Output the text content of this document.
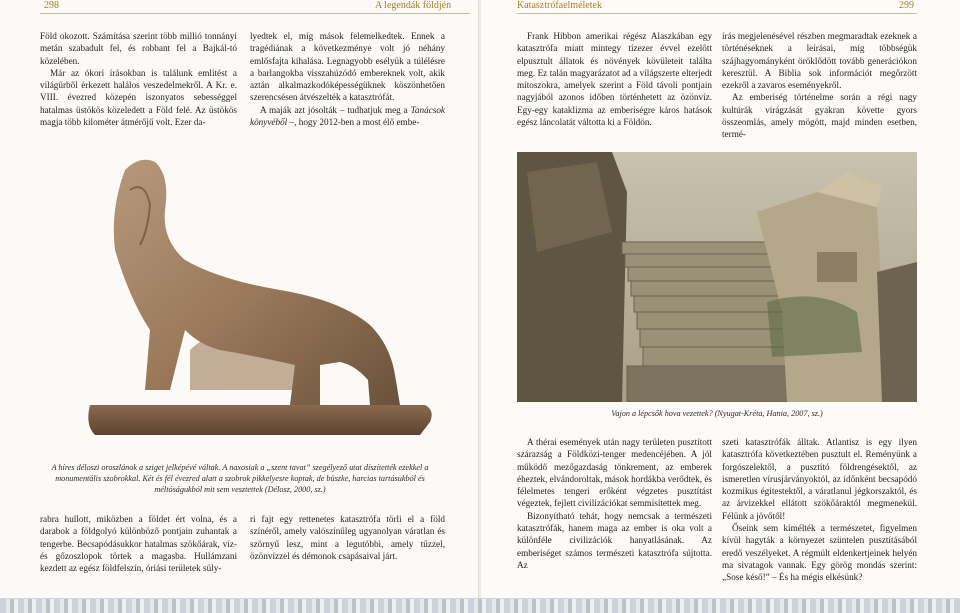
298	A legendák földjén

Föld okozott. Számítása szerint több millió tonnányi metán szabadult fel, és robbant fel a Bajkál-tó közelében.

Már az ókori írásokban is találunk említést a világűrből érkezett halálos veszedelmekről. A Kr. e. VIII. évezred közepén iszonyatos sebességgel hatalmas üstökös közeledett a Föld felé. Az üstökös magja több kilométer átmérőjű volt. Ezer da-

lyedtek el, míg mások felemelkedtek. Ennek a tragédiának a következménye volt jó néhány emlősfajta kihalása. Legnagyobb esélyük a túlélésre a barlangokba visszahúzódó embereknek volt, akik aztán alkalmazkodóképességüknek köszönhetően szerencsésen átvészelték a katasztrófát.

A maják azt jósolták – tudhatjuk meg a Tanácsok könyvéből –, hogy 2012-ben a most élő embe-

A híres déloszi oroszlánok a sziget jelképévé váltak. A naxosiak a „szent tavat” szegélyező utat díszítették ezekkel a monumentális szobrokkal. Két és fél évezred alatt a szobrok pikkelyesre koptak, de büszke, harcias tartásukból és méltóságukból mit sem vesztettek (Délosz, 2000, sz.)

rabra hullott, miközben a földet ért volna, és a darabok a földgolyó különböző pontjain zuhantak a tengerbe. Becsapódásukkor hatalmas szökőárak, víz- és gőzoszlopok törtek a magasba. Hullámzani kezdett az egész földfelszín, óriási területek süly-

ri fajt egy rettenetes katasztrófa törli el a föld színéről, amely valószínűleg ugyanolyan váratlan és szörnyű lesz, mint a legutóbbi, amely tűzzel, özönvízzel és démonok csapásaival járt.

Katasztrófaelméletek	299

Frank Hibbon amerikai régész Alaszkában egy katasztrófa miatt mintegy tízezer évvel ezelőtt elpusztult állatok és növények kövületeit találta meg. Ez talán magyarázatot ad a világszerte elterjedt mítoszokra, amelyek szerint a Föld távoli pontjain nagyjából azonos időben történhetett az özönvíz. Egy-egy kataklizma az emberiségre káros hatások egész láncolatát váltotta ki a Földön.

írás megjelenésével részben megmaradtak ezeknek a történéseknek a leírásai, míg többségük szájhagyományként öröklődött tovább generációkon keresztül. A Biblia sok információt megőrzött ezekről a zavaros eseményekről.

Az emberiség történelme során a régi nagy kultúrák virágzását gyakran követte gyors összeomlás, amely mögött, majd minden esetben, termé-

Vajon a lépcsők hova vezettek? (Nyugat-Kréta, Hania, 2007, sz.)

A thérai események után nagy területen pusztított szárazság a Földközi-tenger medencéjében. A jól működő mezőgazdaság tönkrement, az emberek éheztek, elvándoroltak, mások hordákba verődtek, és félelmetes tengeri erőként végzetes pusztítást végeztek, fejlett civilizációkat semmisítettek meg.

Bizonyítható tehát, hogy nemcsak a természeti katasztrófák, hanem maga az ember is oka volt a különféle civilizációk hanyatlásának. Az emberiséget számos természeti katasztrófa sújtotta. Az

szeti katasztrófák álltak. Atlantisz is egy ilyen katasztrófa következtében pusztult el. Reményünk a forgószelektől, a pusztító földrengésektől, az ismeretlen vírusjárványoktól, az időnként becsapódó kozmikus égitestektől, a váratlanul jégkorszaktól, és az árvizekkel ellátott szökőáraktól megmenekül. Félünk a jövőtől!

Őseink sem kímélték a természetet, figyelmen kívül hagyták a környezet szüntelen pusztításából eredő veszélyeket. A régmúlt eldenkertjeinek helyén ma sivatagok vannak. Egy görög mondás szerint: „Sose késő!” – És ha mégis elkésünk?
